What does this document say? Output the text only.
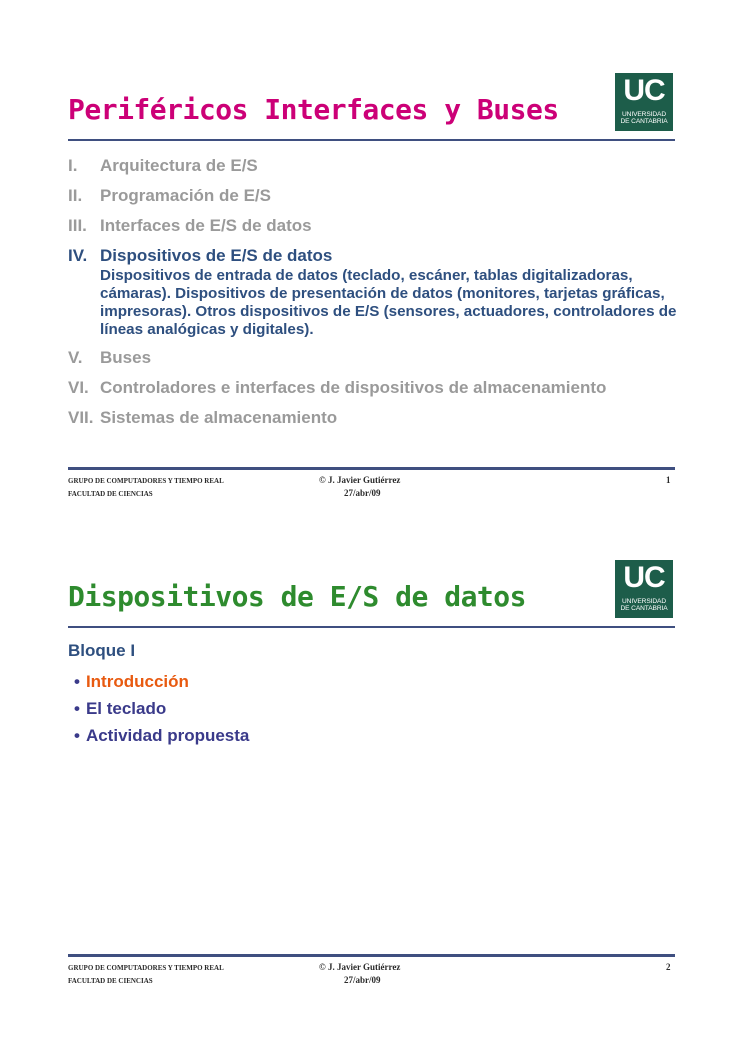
Periféricos Interfaces y Buses
UC
UNIVERSIDAD
DE CANTABRIA
I. Arquitectura de E/S
II. Programación de E/S
III. Interfaces de E/S de datos
IV. Dispositivos de E/S de datos
Dispositivos de entrada de datos (teclado, escáner, tablas digitalizadoras, cámaras). Dispositivos de presentación de datos (monitores, tarjetas gráficas, impresoras). Otros dispositivos de E/S (sensores, actuadores, controladores de líneas analógicas y digitales).
V. Buses
VI. Controladores e interfaces de dispositivos de almacenamiento
VII. Sistemas de almacenamiento
GRUPO DE COMPUTADORES Y TIEMPO REAL
FACULTAD DE CIENCIAS
© J. Javier Gutiérrez
27/abr/09
1
Dispositivos de E/S de datos
UC
UNIVERSIDAD
DE CANTABRIA
Bloque I
• Introducción
• El teclado
• Actividad propuesta
GRUPO DE COMPUTADORES Y TIEMPO REAL
FACULTAD DE CIENCIAS
© J. Javier Gutiérrez
27/abr/09
2
